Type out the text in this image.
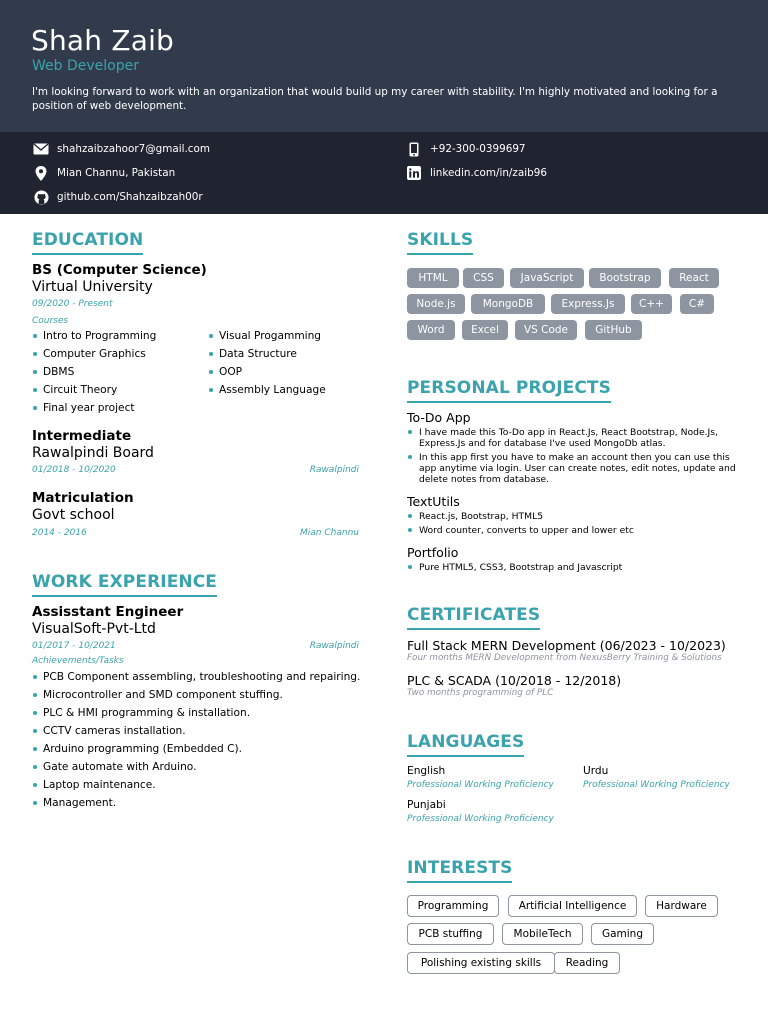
Shah Zaib
Web Developer
I'm looking forward to work with an organization that would build up my career with stability. I'm highly motivated and looking for a position of web development.
shahzaibzahoor7@gmail.com
Mian Channu, Pakistan
github.com/Shahzaibzah00r
+92-300-0399697
linkedin.com/in/zaib96
EDUCATION
BS (Computer Science)
Virtual University
09/2020 - Present
Courses
Intro to Programming	Visual Progamming
Computer Graphics	Data Structure
DBMS	OOP
Circuit Theory	Assembly Language
Final year project
Intermediate
Rawalpindi Board
01/2018 - 10/2020	Rawalpindi
Matriculation
Govt school
2014 - 2016	Mian Channu
WORK EXPERIENCE
Assisstant Engineer
VisualSoft-Pvt-Ltd
01/2017 - 10/2021	Rawalpindi
Achievements/Tasks
PCB Component assembling, troubleshooting and repairing.
Microcontroller and SMD component stuffing.
PLC & HMI programming & installation.
CCTV cameras installation.
Arduino programming (Embedded C).
Gate automate with Arduino.
Laptop maintenance.
Management.
SKILLS
HTML	CSS	JavaScript	Bootstrap	React
Node.js	MongoDB	Express.Js	C++	C#
Word	Excel	VS Code	GitHub
PERSONAL PROJECTS
To-Do App
I have made this To-Do app in React.Js, React Bootstrap, Node.Js, Express.Js and for database I've used MongoDb atlas.
In this app first you have to make an account then you can use this app anytime via login. User can create notes, edit notes, update and delete notes from database.
TextUtils
React.js, Bootstrap, HTML5
Word counter, converts to upper and lower etc
Portfolio
Pure HTML5, CSS3, Bootstrap and Javascript
CERTIFICATES
Full Stack MERN Development (06/2023 - 10/2023)
Four months MERN Development from NexusBerry Training & Solutions
PLC & SCADA (10/2018 - 12/2018)
Two months programming of PLC
LANGUAGES
English
Professional Working Proficiency
Urdu
Professional Working Proficiency
Punjabi
Professional Working Proficiency
INTERESTS
Programming	Artificial Intelligence	Hardware
PCB stuffing	MobileTech	Gaming
Polishing existing skills	Reading
